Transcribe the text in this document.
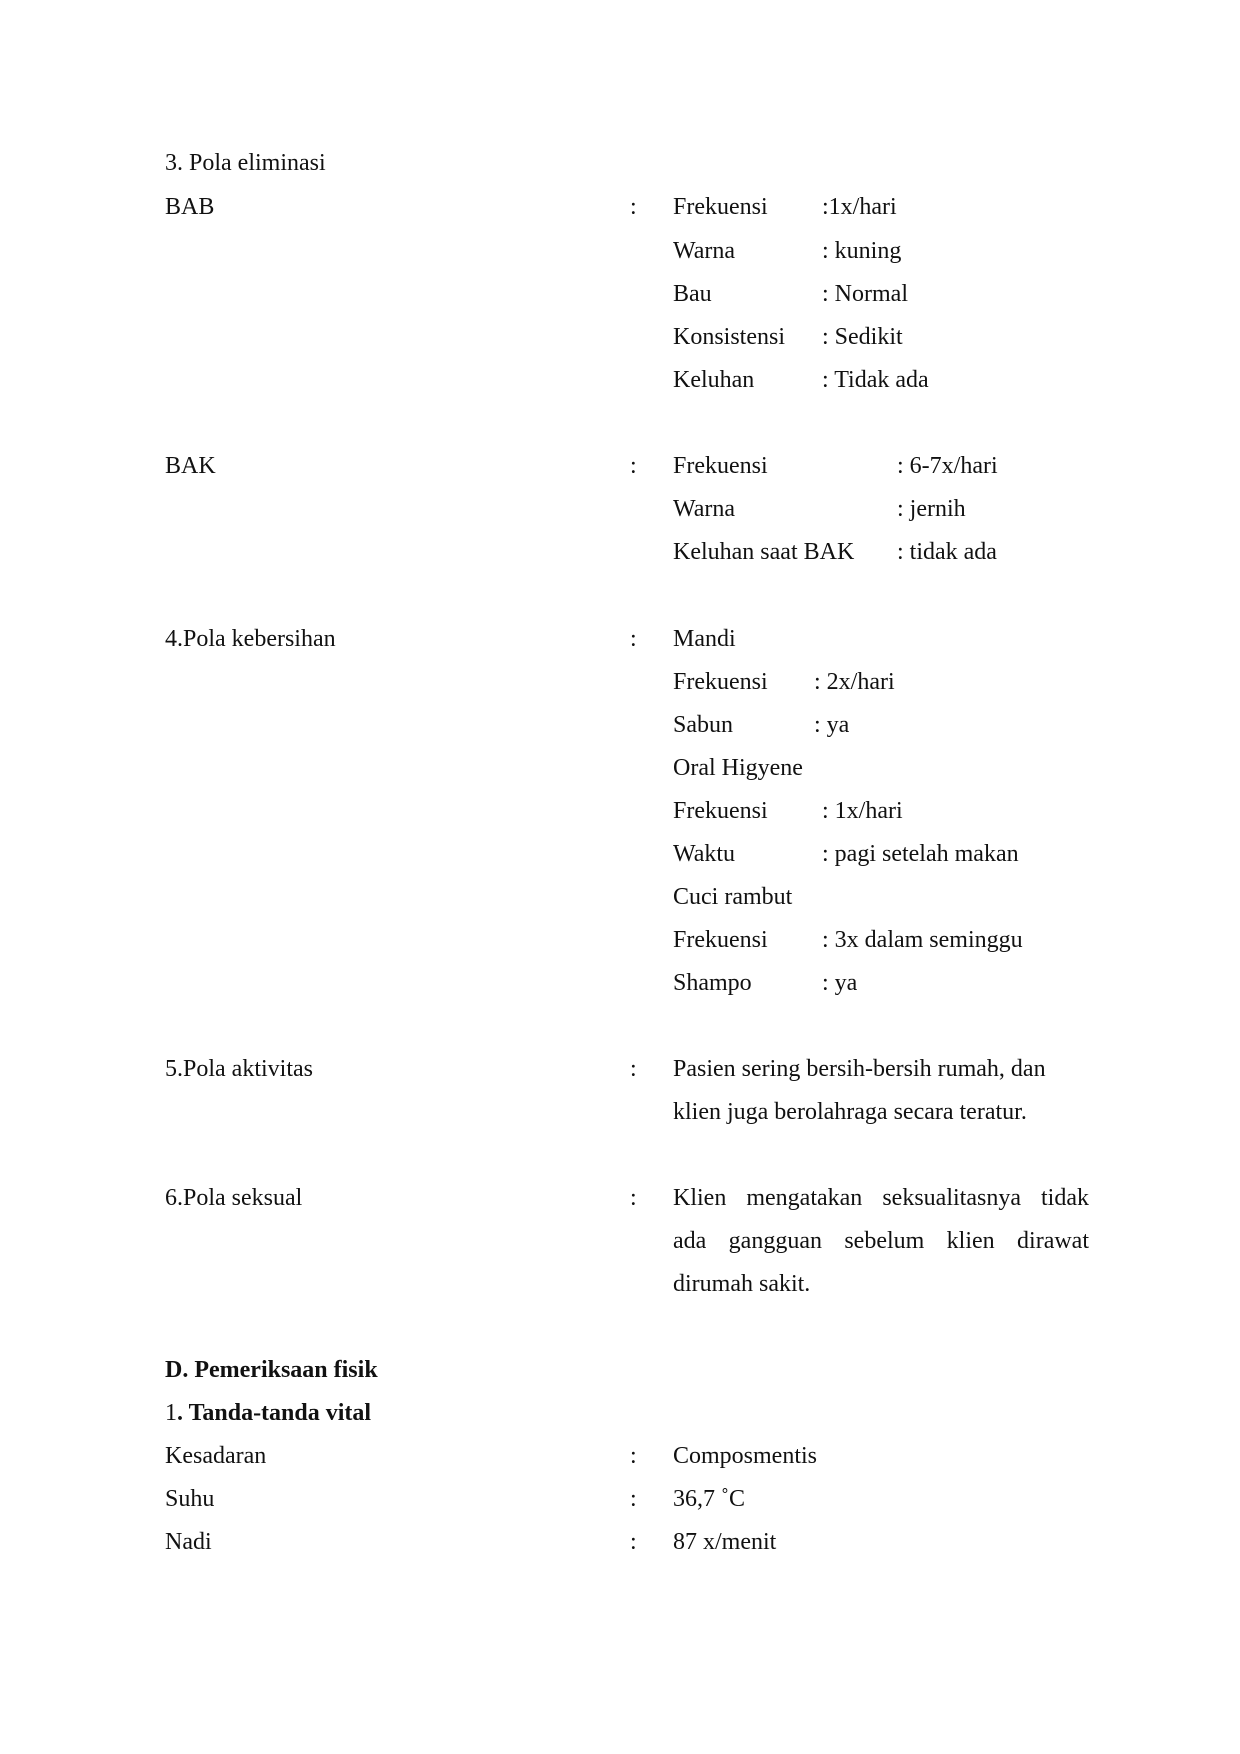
3. Pola eliminasi
BAB	: Frekuensi :1x/hari
Warna	: kuning
Bau	: Normal
Konsistensi : Sedikit
Keluhan	: Tidak ada
BAK	: Frekuensi	: 6-7x/hari
Warna	: jernih
Keluhan saat BAK : tidak ada
4.Pola kebersihan	: Mandi
Frekuensi : 2x/hari
Sabun	: ya
Oral Higyene
Frekuensi : 1x/hari
Waktu	: pagi setelah makan
Cuci rambut
Frekuensi : 3x dalam seminggu
Shampo	: ya
5.Pola aktivitas	: Pasien sering bersih-bersih rumah, dan
klien juga berolahraga secara teratur.
6.Pola seksual	: Klien mengatakan seksualitasnya tidak
ada gangguan sebelum klien dirawat
dirumah sakit.
D. Pemeriksaan fisik
1. Tanda-tanda vital
Kesadaran	: Composmentis
Suhu	: 36,7 ˚C
Nadi	: 87 x/menit
